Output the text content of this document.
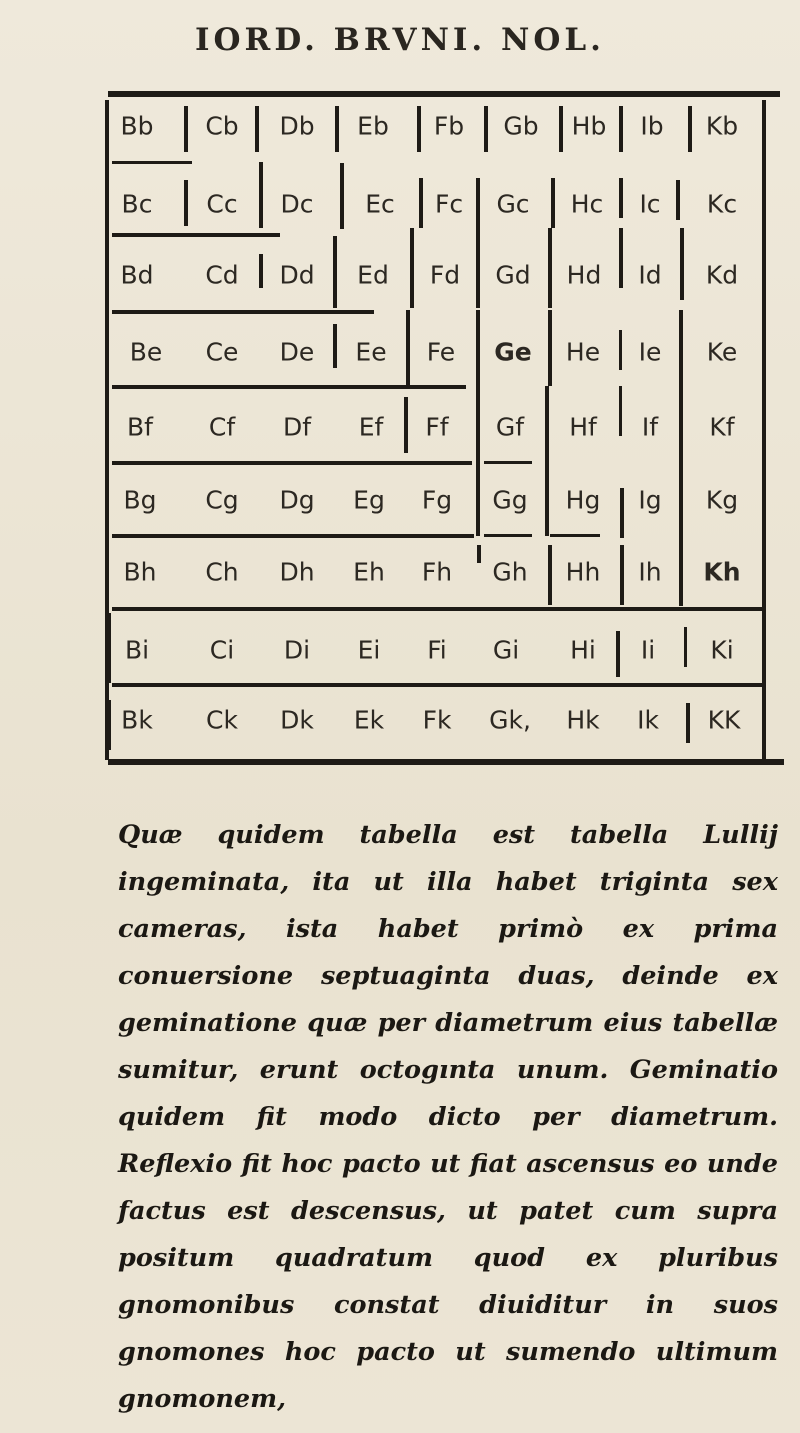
IORD. BRVNI. NOL.
Bb Cb Db Eb Fb Gb Hb Ib Kb
Bc Cc Dc Ec Fc Gc Hc Ic Kc
Bd Cd Dd Ed Fd Gd Hd Id Kd
Be Ce De Ee Fe Ge He Ie Ke
Bf Cf Df Ef Ff Gf Hf If Kf
Bg Cg Dg Eg Fg Gg Hg Ig Kg
Bh Ch Dh Eh Fh Gh Hh Ih Kh
Bi Ci Di Ei Fi Gi Hi Ii Ki
Bk Ck Dk Ek Fk Gk, Hk Ik KK

Quæ quidem tabella est tabella Lullij ingeminata, ita ut illa habet triginta sex cameras, ista habet primò ex prima conuersione septuaginta duas, deinde ex geminatione quæ per diametrum eius tabellæ sumitur, erunt octogınta unum. Geminatio quidem fit modo dicto per diametrum. Reflexio fit hoc pacto ut fiat ascensus eo unde factus est descensus, ut patet cum supra positum quadratum quod ex pluribus gnomonibus constat diuiditur in suos gnomones hoc pacto ut sumendo ultimum gnomonem,
